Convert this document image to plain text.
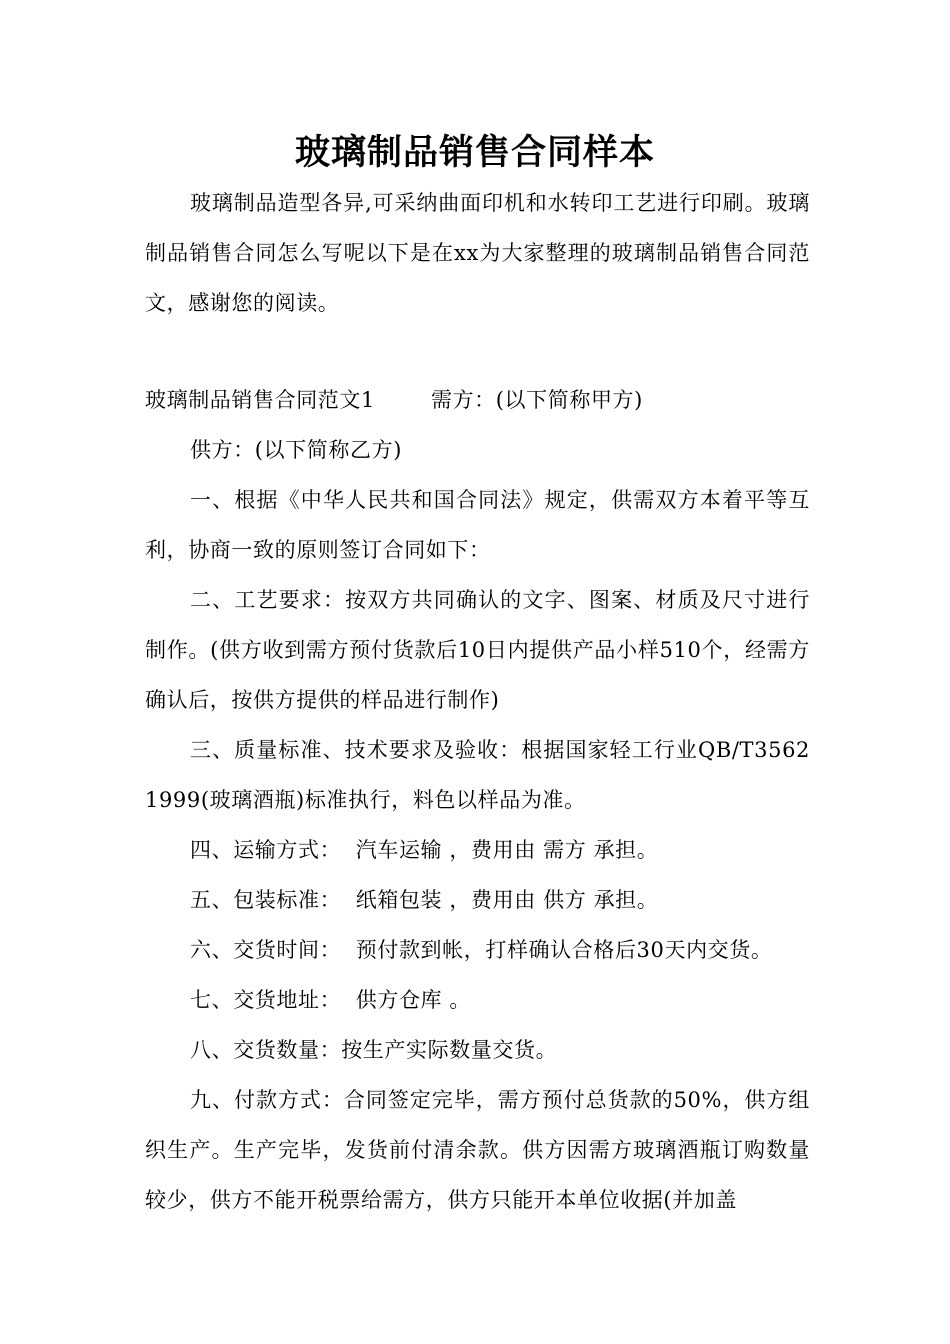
玻璃制品销售合同样本

玻璃制品造型各异,可采纳曲面印机和水转印工艺进行印刷。玻璃制品销售合同怎么写呢以下是在xx为大家整理的玻璃制品销售合同范文，感谢您的阅读。

玻璃制品销售合同范文1	需方：(以下简称甲方)

供方：(以下简称乙方)

一、根据《中华人民共和国合同法》规定，供需双方本着平等互利，协商一致的原则签订合同如下：

二、工艺要求：按双方共同确认的文字、图案、材质及尺寸进行制作。(供方收到需方预付货款后10日内提供产品小样510个，经需方确认后，按供方提供的样品进行制作)

三、质量标准、技术要求及验收：根据国家轻工行业QB/T3562 1999(玻璃酒瓶)标准执行，料色以样品为准。

四、运输方式：  汽车运输 ，费用由 需方 承担。

五、包装标准：  纸箱包装 ，费用由 供方 承担。

六、交货时间：  预付款到帐，打样确认合格后30天内交货。

七、交货地址：  供方仓库 。

八、交货数量：按生产实际数量交货。

九、付款方式：合同签定完毕，需方预付总货款的50%，供方组织生产。生产完毕，发货前付清余款。供方因需方玻璃酒瓶订购数量较少，供方不能开税票给需方，供方只能开本单位收据(并加盖
